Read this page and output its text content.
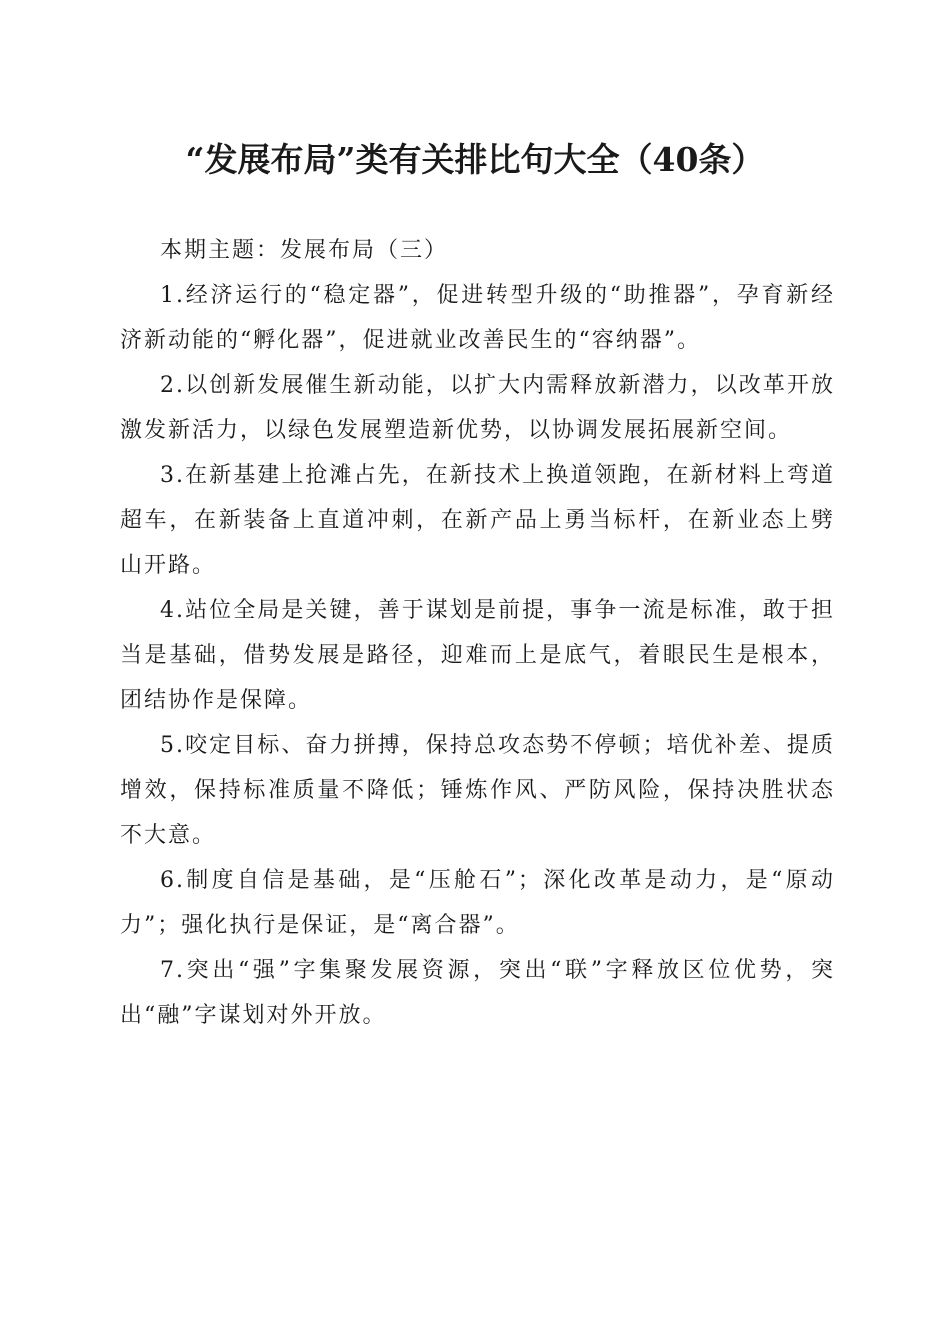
“发展布局”类有关排比句大全（40条）

本期主题：发展布局（三）

1.经济运行的“稳定器”，促进转型升级的“助推器”，孕育新经济新动能的“孵化器”，促进就业改善民生的“容纳器”。

2.以创新发展催生新动能，以扩大内需释放新潜力，以改革开放激发新活力，以绿色发展塑造新优势，以协调发展拓展新空间。

3.在新基建上抢滩占先，在新技术上换道领跑，在新材料上弯道超车，在新装备上直道冲刺，在新产品上勇当标杆，在新业态上劈山开路。

4.站位全局是关键，善于谋划是前提，事争一流是标准，敢于担当是基础，借势发展是路径，迎难而上是底气，着眼民生是根本，团结协作是保障。

5.咬定目标、奋力拼搏，保持总攻态势不停顿；培优补差、提质增效，保持标准质量不降低；锤炼作风、严防风险，保持决胜状态不大意。

6.制度自信是基础，是“压舱石”；深化改革是动力，是“原动力”；强化执行是保证，是“离合器”。

7.突出“强”字集聚发展资源，突出“联”字释放区位优势，突出“融”字谋划对外开放。
